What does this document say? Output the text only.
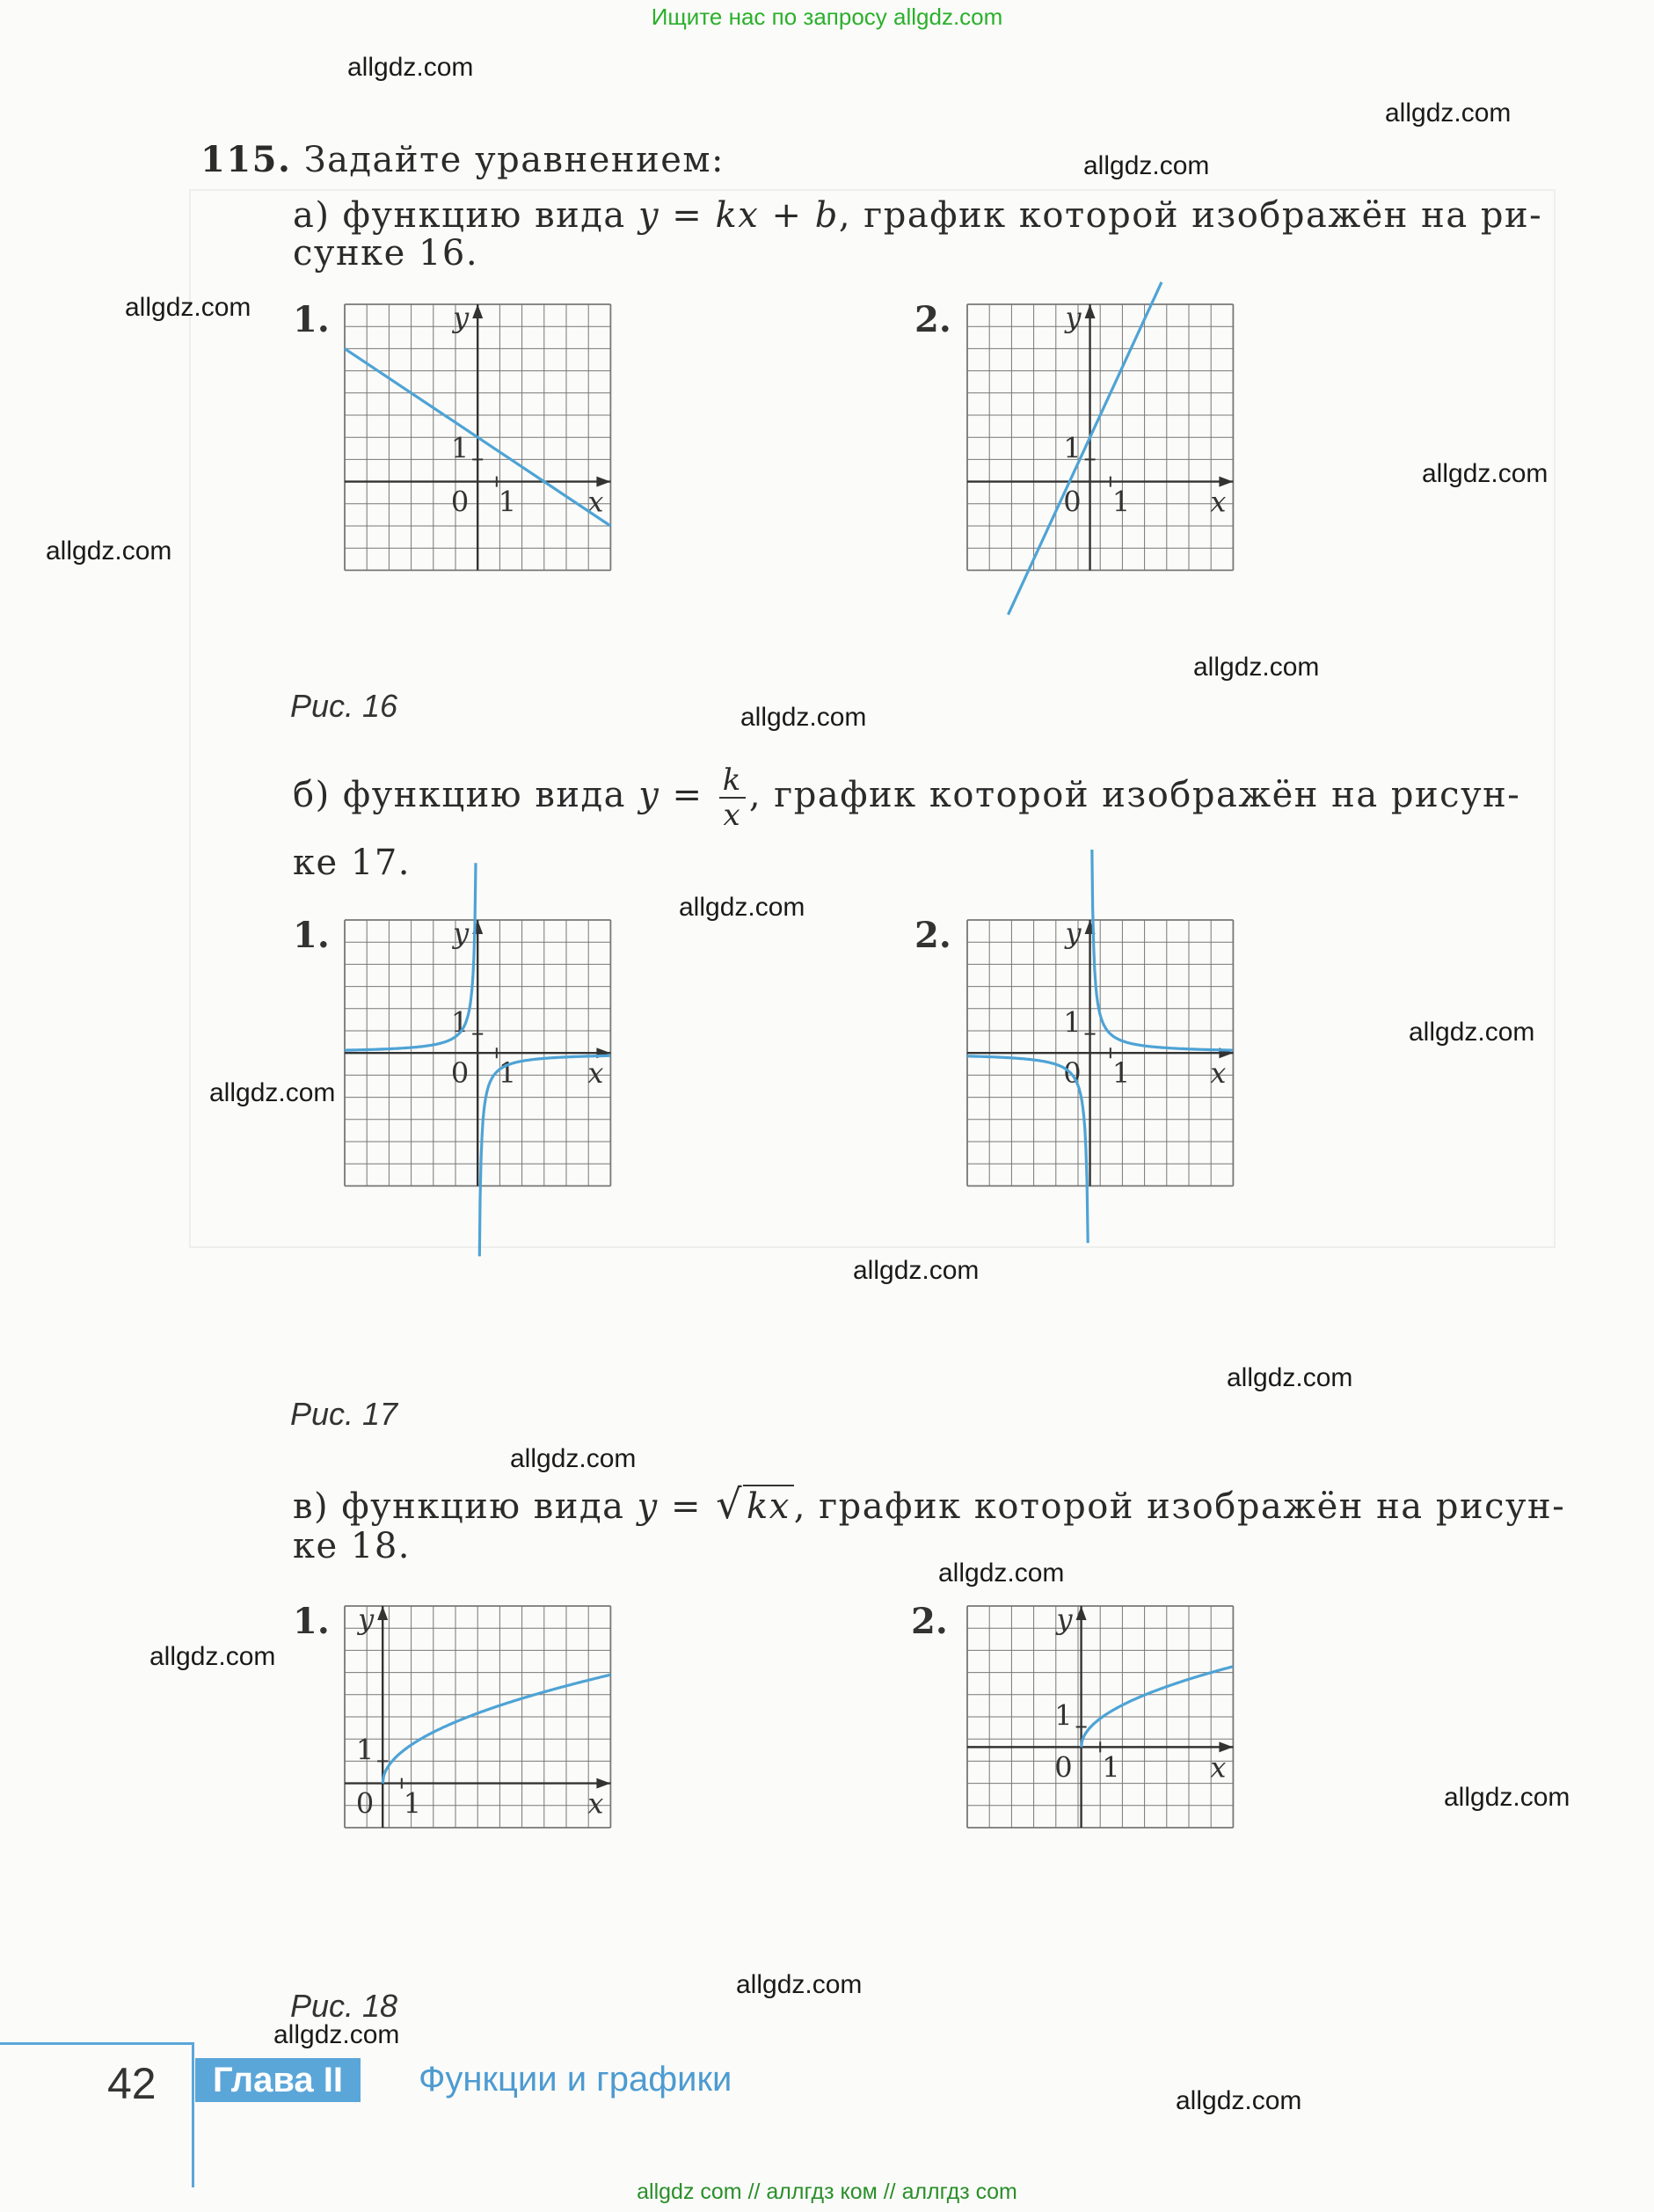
Ищите нас по запросу allgdz.com
115. Задайте уравнением:
а) функцию вида y = kx + b, график которой изображён на ри-
сунке 16.
б) функцию вида $y = \frac{k}{x}$ , график которой изображён на рисун-
ке 17.
в) функцию вида y = √ kx , график которой изображён на рисун-
ке 18.
1.	2.
1.	2.
1.	2.
Рис. 16
Рис. 17
Рис. 18
y
x
0 1
1
y
x
0 1
1
y
x
0 1
1
y
x
0 1
1
y
x
0 1
1
y
x
0 1
1
allgdz.com
allgdz.com
allgdz.com
allgdz.com
allgdz.com
allgdz.com
allgdz.com
allgdz.com
allgdz.com
allgdz.com
allgdz.com
allgdz.com
allgdz.com
allgdz.com
allgdz.com
allgdz.com
allgdz.com
allgdz.com
allgdz.com
allgdz.com
42	Глава II	Функции и графики
allgdz com // аллгдз ком // аллгдз com
